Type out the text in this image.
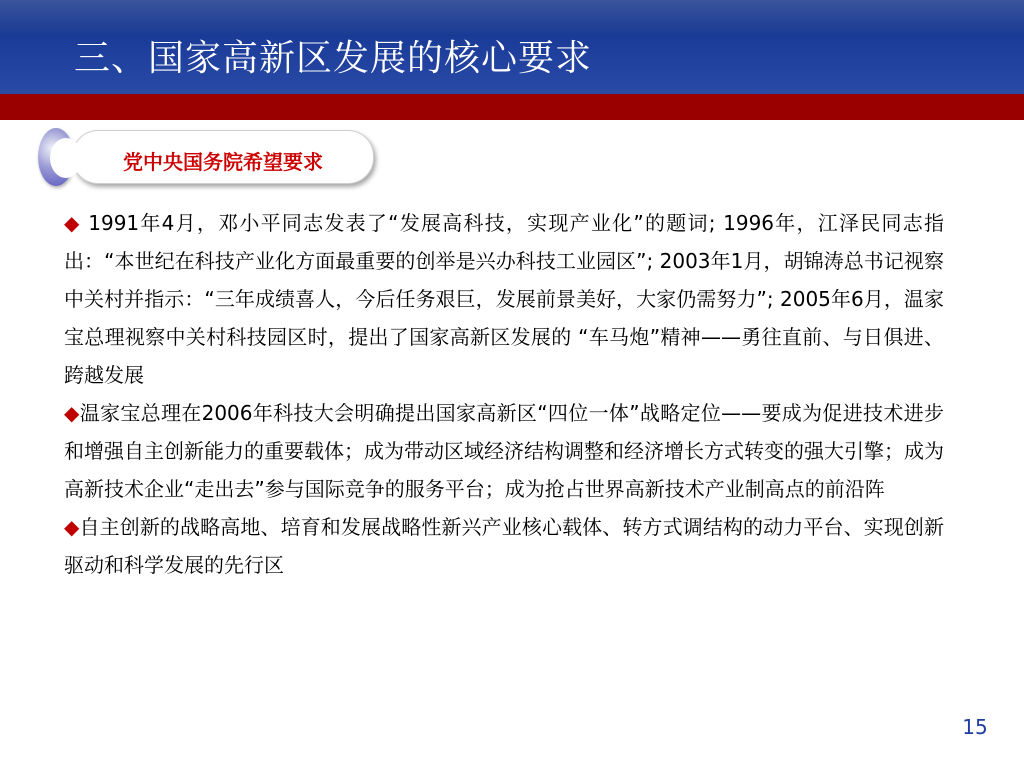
三、国家高新区发展的核心要求

党中央国务院希望要求

◆ 1991年4月，邓小平同志发表了“发展高科技，实现产业化”的题词; 1996年，江泽民同志指出：“本世纪在科技产业化方面最重要的创举是兴办科技工业园区”; 2003年1月，胡锦涛总书记视察中关村并指示：“三年成绩喜人，今后任务艰巨，发展前景美好，大家仍需努力”; 2005年6月，温家宝总理视察中关村科技园区时，提出了国家高新区发展的 “车马炮”精神——勇往直前、与日俱进、跨越发展

◆温家宝总理在2006年科技大会明确提出国家高新区“四位一体”战略定位——要成为促进技术进步和增强自主创新能力的重要载体；成为带动区域经济结构调整和经济增长方式转变的强大引擎；成为高新技术企业“走出去”参与国际竞争的服务平台；成为抢占世界高新技术产业制高点的前沿阵

◆自主创新的战略高地、培育和发展战略性新兴产业核心载体、转方式调结构的动力平台、实现创新驱动和科学发展的先行区

15
